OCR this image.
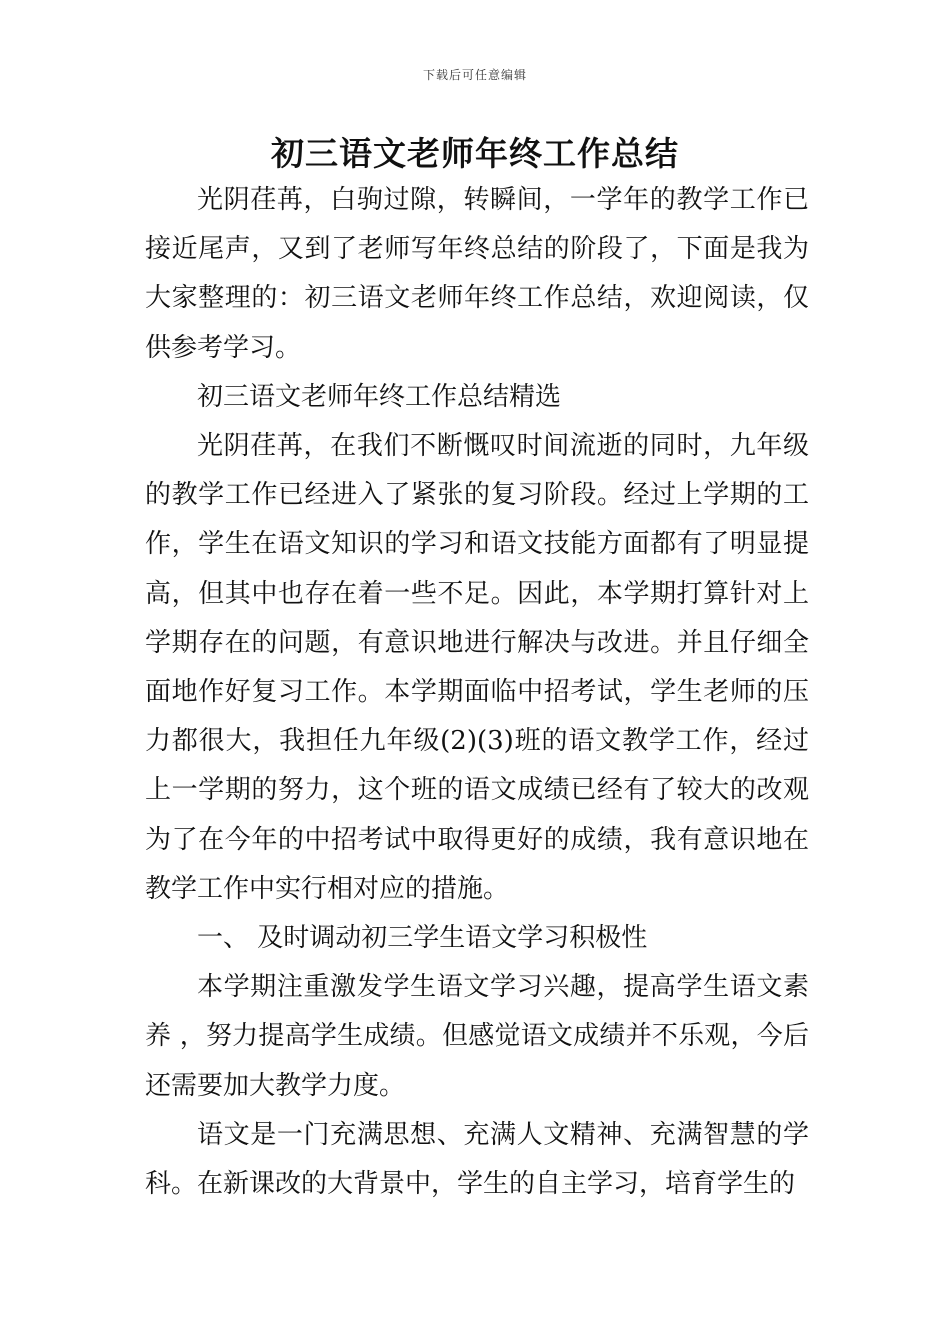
下载后可任意编辑
初三语文老师年终工作总结

光阴荏苒，白驹过隙，转瞬间，一学年的教学工作已接近尾声，又到了老师写年终总结的阶段了，下面是我为大家整理的：初三语文老师年终工作总结，欢迎阅读，仅供参考学习。

初三语文老师年终工作总结精选

光阴荏苒，在我们不断慨叹时间流逝的同时，九年级的教学工作已经进入了紧张的复习阶段。经过上学期的工作，学生在语文知识的学习和语文技能方面都有了明显提高，但其中也存在着一些不足。因此，本学期打算针对上学期存在的问题，有意识地进行解决与改进。并且仔细全面地作好复习工作。本学期面临中招考试，学生老师的压力都很大，我担任九年级(2)(3)班的语文教学工作，经过上一学期的努力，这个班的语文成绩已经有了较大的改观为了在今年的中招考试中取得更好的成绩，我有意识地在教学工作中实行相对应的措施。

一、 及时调动初三学生语文学习积极性

本学期注重激发学生语文学习兴趣，提高学生语文素养 ，努力提高学生成绩。但感觉语文成绩并不乐观，今后还需要加大教学力度。

语文是一门充满思想、充满人文精神、充满智慧的学科。在新课改的大背景中，学生的自主学习，培育学生的
